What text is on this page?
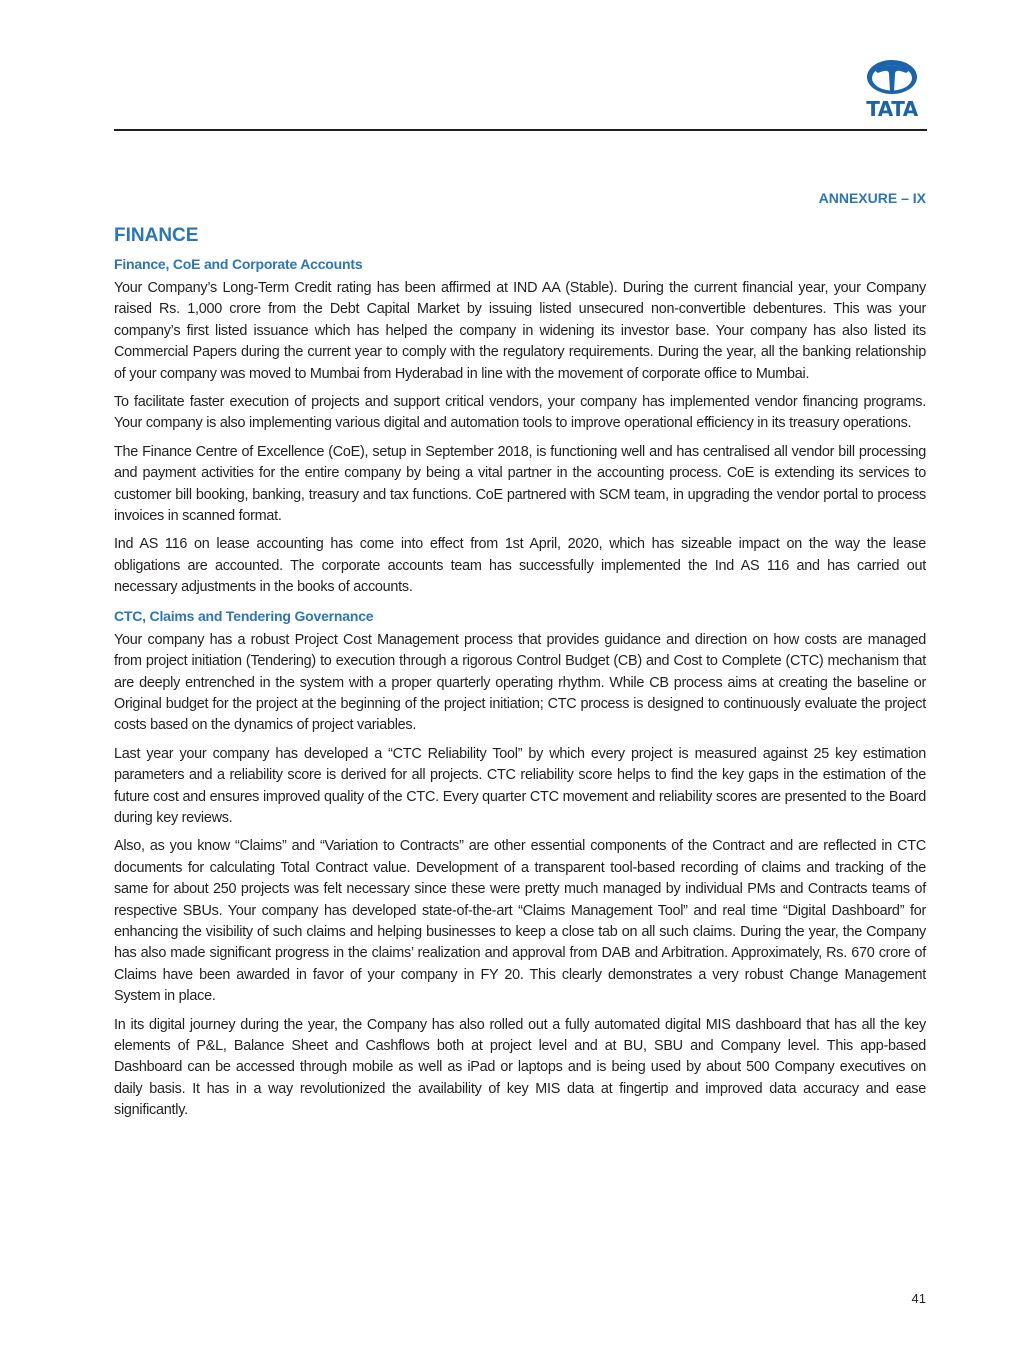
TATA
ANNEXURE – IX
FINANCE
Finance, CoE and Corporate Accounts

Your Company’s Long-Term Credit rating has been affirmed at IND AA (Stable). During the current financial year, your Company raised Rs. 1,000 crore from the Debt Capital Market by issuing listed unsecured non-convertible debentures. This was your company’s first listed issuance which has helped the company in widening its investor base. Your company has also listed its Commercial Papers during the current year to comply with the regulatory requirements. During the year, all the banking relationship of your company was moved to Mumbai from Hyderabad in line with the movement of corporate office to Mumbai.

To facilitate faster execution of projects and support critical vendors, your company has implemented vendor financing programs. Your company is also implementing various digital and automation tools to improve operational efficiency in its treasury operations.

The Finance Centre of Excellence (CoE), setup in September 2018, is functioning well and has centralised all vendor bill processing and payment activities for the entire company by being a vital partner in the accounting process. CoE is extending its services to customer bill booking, banking, treasury and tax functions. CoE partnered with SCM team, in upgrading the vendor portal to process invoices in scanned format.

Ind AS 116 on lease accounting has come into effect from 1st April, 2020, which has sizeable impact on the way the lease obligations are accounted. The corporate accounts team has successfully implemented the Ind AS 116 and has carried out necessary adjustments in the books of accounts.

CTC, Claims and Tendering Governance

Your company has a robust Project Cost Management process that provides guidance and direction on how costs are managed from project initiation (Tendering) to execution through a rigorous Control Budget (CB) and Cost to Complete (CTC) mechanism that are deeply entrenched in the system with a proper quarterly operating rhythm. While CB process aims at creating the baseline or Original budget for the project at the beginning of the project initiation; CTC process is designed to continuously evaluate the project costs based on the dynamics of project variables.

Last year your company has developed a “CTC Reliability Tool” by which every project is measured against 25 key estimation parameters and a reliability score is derived for all projects. CTC reliability score helps to find the key gaps in the estimation of the future cost and ensures improved quality of the CTC. Every quarter CTC movement and reliability scores are presented to the Board during key reviews.

Also, as you know “Claims” and “Variation to Contracts” are other essential components of the Contract and are reflected in CTC documents for calculating Total Contract value. Development of a transparent tool-based recording of claims and tracking of the same for about 250 projects was felt necessary since these were pretty much managed by individual PMs and Contracts teams of respective SBUs. Your company has developed state-of-the-art “Claims Management Tool” and real time “Digital Dashboard” for enhancing the visibility of such claims and helping businesses to keep a close tab on all such claims. During the year, the Company has also made significant progress in the claims’ realization and approval from DAB and Arbitration. Approximately, Rs. 670 crore of Claims have been awarded in favor of your company in FY 20. This clearly demonstrates a very robust Change Management System in place.

In its digital journey during the year, the Company has also rolled out a fully automated digital MIS dashboard that has all the key elements of P&L, Balance Sheet and Cashflows both at project level and at BU, SBU and Company level. This app-based Dashboard can be accessed through mobile as well as iPad or laptops and is being used by about 500 Company executives on daily basis. It has in a way revolutionized the availability of key MIS data at fingertip and improved data accuracy and ease significantly.

41
